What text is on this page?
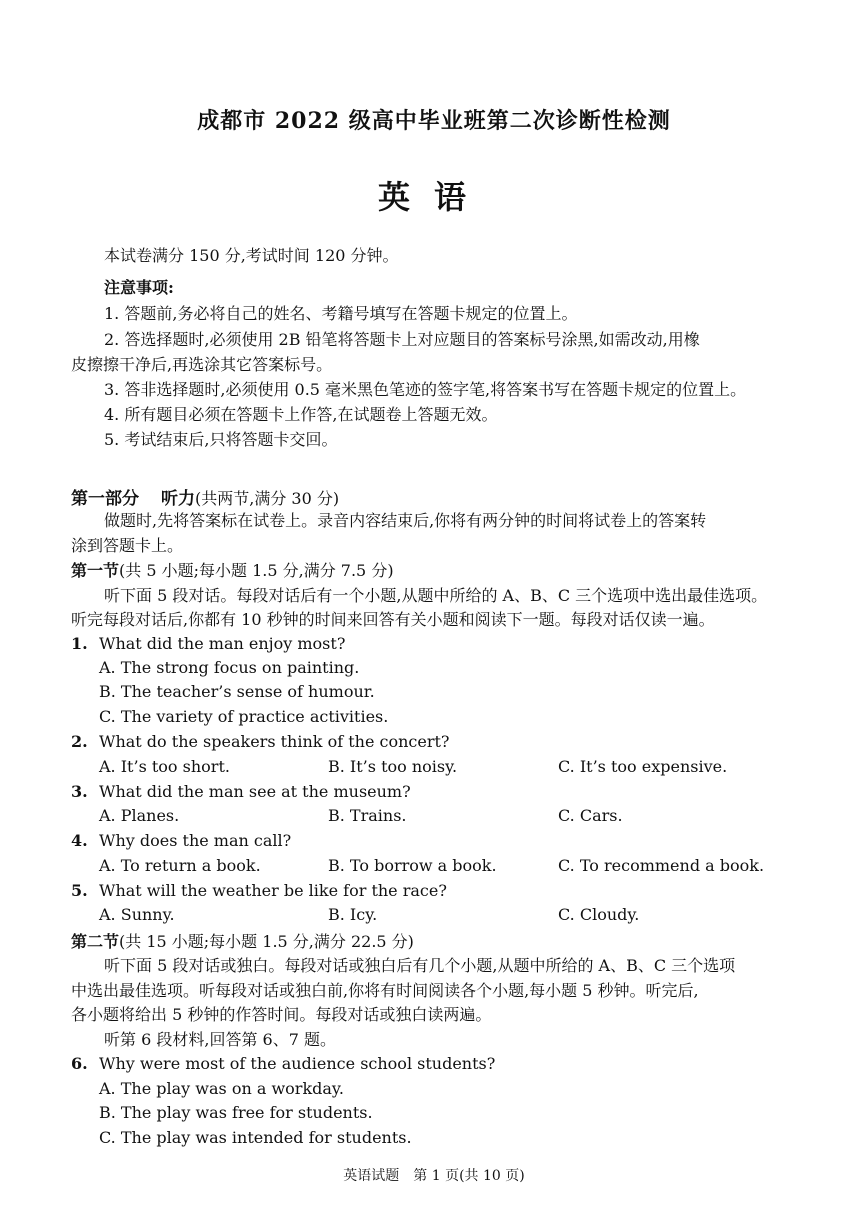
成都市 2022 级高中毕业班第二次诊断性检测
英语
本试卷满分 150 分,考试时间 120 分钟。
注意事项:
1. 答题前,务必将自己的姓名、考籍号填写在答题卡规定的位置上。
2. 答选择题时,必须使用 2B 铅笔将答题卡上对应题目的答案标号涂黑,如需改动,用橡
皮擦擦干净后,再选涂其它答案标号。
3. 答非选择题时,必须使用 0.5 毫米黑色笔迹的签字笔,将答案书写在答题卡规定的位置上。
4. 所有题目必须在答题卡上作答,在试题卷上答题无效。
5. 考试结束后,只将答题卡交回。
第一部分 听力(共两节,满分 30 分)
做题时,先将答案标在试卷上。录音内容结束后,你将有两分钟的时间将试卷上的答案转
涂到答题卡上。
第一节(共 5 小题;每小题 1.5 分,满分 7.5 分)
听下面 5 段对话。每段对话后有一个小题,从题中所给的 A、B、C 三个选项中选出最佳选项。
听完每段对话后,你都有 10 秒钟的时间来回答有关小题和阅读下一题。每段对话仅读一遍。
1. What did the man enjoy most?
A. The strong focus on painting.
B. The teacher’s sense of humour.
C. The variety of practice activities.
2. What do the speakers think of the concert?
A. It’s too short.	B. It’s too noisy.	C. It’s too expensive.
3. What did the man see at the museum?
A. Planes.	B. Trains.	C. Cars.
4. Why does the man call?
A. To return a book.	B. To borrow a book.	C. To recommend a book.
5. What will the weather be like for the race?
A. Sunny.	B. Icy.	C. Cloudy.
第二节(共 15 小题;每小题 1.5 分,满分 22.5 分)
听下面 5 段对话或独白。每段对话或独白后有几个小题,从题中所给的 A、B、C 三个选项
中选出最佳选项。听每段对话或独白前,你将有时间阅读各个小题,每小题 5 秒钟。听完后,
各小题将给出 5 秒钟的作答时间。每段对话或独白读两遍。
听第 6 段材料,回答第 6、7 题。
6. Why were most of the audience school students?
A. The play was on a workday.
B. The play was free for students.
C. The play was intended for students.
英语试题　第 1 页(共 10 页)
